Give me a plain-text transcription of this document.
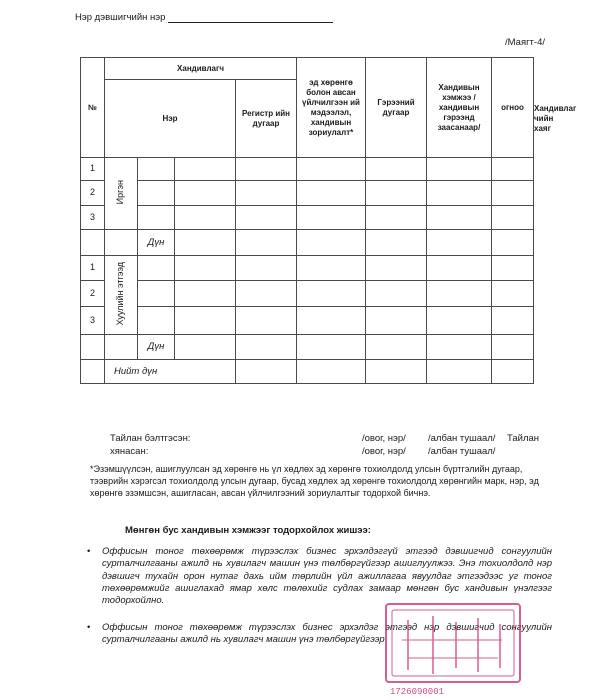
Нэр дэвшигчийн нэр
/Маягт-4/
№	Хандивлагч				эд хөрөнгө болон авсан үйлчилгээн ий мэдээлэл, хандивын зориулалт*	Гэрээний дугаар	Хандивын хэмжээ /хандивын гэрээнд заасанаар/	огноо	
	Нэр			Регистр ийн дугаар					Хандивлаг чийн хаяг
1	Иргэн								
2									
3									
		Дүн							
1	Хуулийн этгээд								
2									
3									
		Дүн							
	Нийт дүн								
Тайлан бэлтгэсэн:	/овог, нэр/ /албан тушаал/ Тайлан
хянасан:	/овог, нэр/ /албан тушаал/
*Эзэмшүүлсэн, ашиглуулсан эд хөрөнгө нь үл хөдлөх эд хөрөнгө тохиолдолд улсын бүртгэлийн дугаар, тээврийн хэрэгсэл тохиолдолд улсын дугаар, бусад хөдлөх эд хөрөнгө тохиолдолд хөрөнгийн марк, нэр, эд хөрөнгө эзэмшсэн, ашигласан, авсан үйлчилгээний зориулалтыг тодорхой бичнэ.
Мөнгөн бус хандивын хэмжээг тодорхойлох жишээ:
• Оффисын тоног төхөөрөмж түрээслэх бизнес эрхэлдэггүй этгээд дэвшигчид сонгуулийн сурталчилгааны ажилд нь хувилагч машин үнэ төлбөргүйгээр ашиглуулжээ. Энэ тохиолдолд нэр дэвшигч тухайн орон нутаг дахь ийм төрлийн үйл ажиллагаа явуулдаг этгээдээс уг тоног төхөөрөмжийг ашиглахад ямар хөлс төлөхийг судлах замаар мөнгөн бус хандивын үнэлгээг тодорхойлно.
• Оффисын тоног төхөөрөмж түрээслэх бизнес эрхэлдэг этгээд нэр дэвшигчид сонгуулийн сурталчилгааны ажилд нь хувилагч машин үнэ төлбөргүйгээр
1726090001
